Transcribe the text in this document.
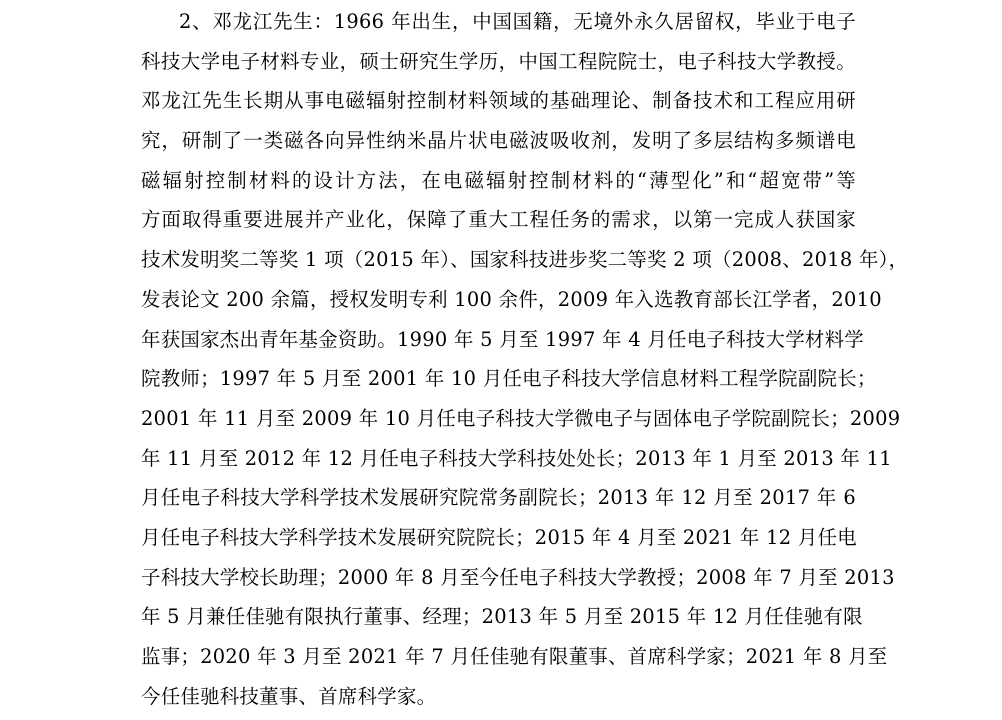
2、邓龙江先生：1966 年出生，中国国籍，无境外永久居留权，毕业于电子
科技大学电子材料专业，硕士研究生学历，中国工程院院士，电子科技大学教授。
邓龙江先生长期从事电磁辐射控制材料领域的基础理论、制备技术和工程应用研
究，研制了一类磁各向异性纳米晶片状电磁波吸收剂，发明了多层结构多频谱电
磁辐射控制材料的设计方法，在电磁辐射控制材料的“薄型化”和“超宽带”等
方面取得重要进展并产业化，保障了重大工程任务的需求，以第一完成人获国家
技术发明奖二等奖 1 项（2015 年）、国家科技进步奖二等奖 2 项（2008、2018 年），
发表论文 200 余篇，授权发明专利 100 余件，2009 年入选教育部长江学者，2010
年获国家杰出青年基金资助。1990 年 5 月至 1997 年 4 月任电子科技大学材料学
院教师；1997 年 5 月至 2001 年 10 月任电子科技大学信息材料工程学院副院长；
2001 年 11 月至 2009 年 10 月任电子科技大学微电子与固体电子学院副院长；2009
年 11 月至 2012 年 12 月任电子科技大学科技处处长；2013 年 1 月至 2013 年 11
月任电子科技大学科学技术发展研究院常务副院长；2013 年 12 月至 2017 年 6
月任电子科技大学科学技术发展研究院院长；2015 年 4 月至 2021 年 12 月任电
子科技大学校长助理；2000 年 8 月至今任电子科技大学教授；2008 年 7 月至 2013
年 5 月兼任佳驰有限执行董事、经理；2013 年 5 月至 2015 年 12 月任佳驰有限
监事；2020 年 3 月至 2021 年 7 月任佳驰有限董事、首席科学家；2021 年 8 月至
今任佳驰科技董事、首席科学家。
